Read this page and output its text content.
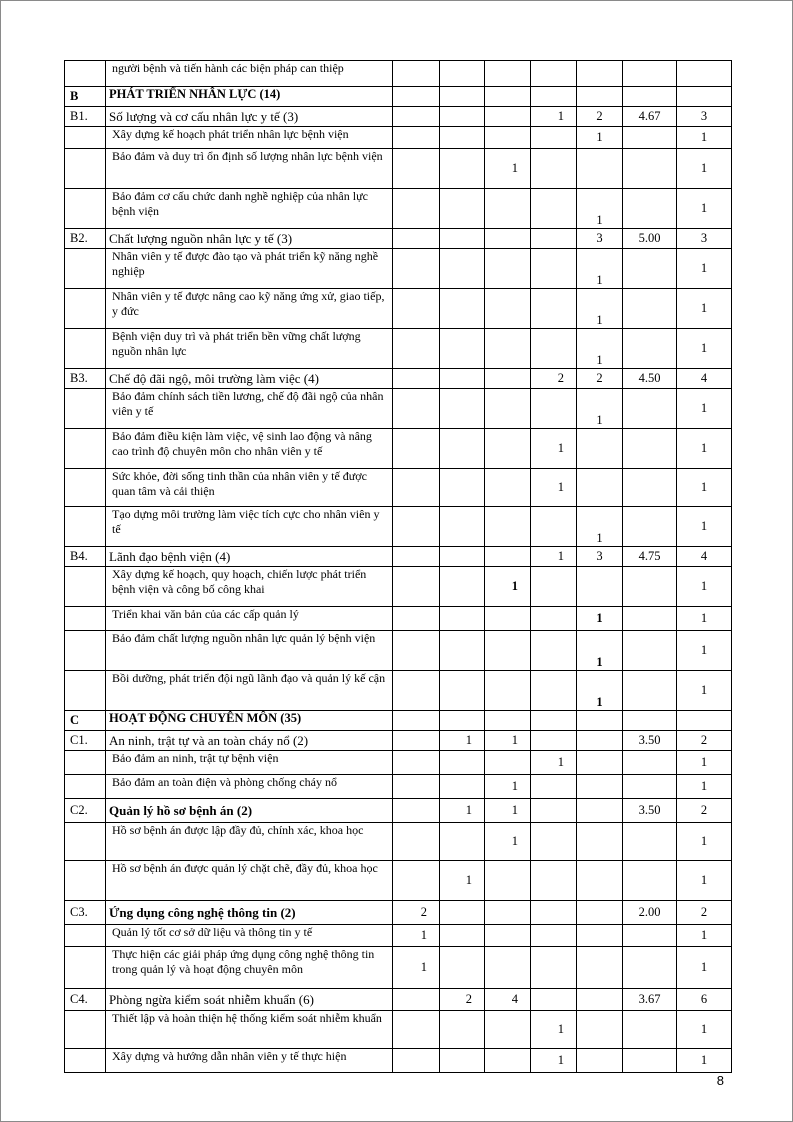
	người bệnh và tiến hành các biện pháp can thiệp							
B	PHÁT TRIỂN NHÂN LỰC (14)							
B1.	Số lượng và cơ cấu nhân lực y tế (3)				1	2	4.67	3
	Xây dựng kế hoạch phát triển nhân lực bệnh viện					1		1
	Bảo đảm và duy trì ổn định số lượng nhân lực bệnh viện			1				1
	Bảo đảm cơ cấu chức danh nghề nghiệp của nhân lực bệnh viện					1		1
B2.	Chất lượng nguồn nhân lực y tế (3)					3	5.00	3
	Nhân viên y tế được đào tạo và phát triển kỹ năng nghề nghiệp					1		1
	Nhân viên y tế được nâng cao kỹ năng ứng xử, giao tiếp, y đức					1		1
	Bệnh viện duy trì và phát triển bền vững chất lượng nguồn nhân lực					1		1
B3.	Chế độ đãi ngộ, môi trường làm việc (4)				2	2	4.50	4
	Bảo đảm chính sách tiền lương, chế độ đãi ngộ của nhân viên y tế					1		1
	Bảo đảm điều kiện làm việc, vệ sinh lao động và nâng cao trình độ chuyên môn cho nhân viên y tế				1			1
	Sức khỏe, đời sống tinh thần của nhân viên y tế được quan tâm và cải thiện				1			1
	Tạo dựng môi trường làm việc tích cực cho nhân viên y tế					1		1
B4.	Lãnh đạo bệnh viện (4)				1	3	4.75	4
	Xây dựng kế hoạch, quy hoạch, chiến lược phát triển bệnh viện và công bố công khai			1				1
	Triển khai văn bản của các cấp quản lý					1		1
	Bảo đảm chất lượng nguồn nhân lực quản lý bệnh viện					1		1
	Bồi dưỡng, phát triển đội ngũ lãnh đạo và quản lý kế cận					1		1
C	HOẠT ĐỘNG CHUYÊN MÔN (35)							
C1.	An ninh, trật tự và an toàn cháy nổ (2)		1	1			3.50	2
	Bảo đảm an ninh, trật tự bệnh viện				1			1
	Bảo đảm an toàn điện và phòng chống cháy nổ			1				1
C2.	Quản lý hồ sơ bệnh án (2)		1	1			3.50	2
	Hồ sơ bệnh án được lập đầy đủ, chính xác, khoa học			1				1
	Hồ sơ bệnh án được quản lý chặt chẽ, đầy đủ, khoa học		1					1
C3.	Ứng dụng công nghệ thông tin (2)	2					2.00	2
	Quản lý tốt cơ sở dữ liệu và thông tin y tế	1						1
	Thực hiện các giải pháp ứng dụng công nghệ thông tin trong quản lý và hoạt động chuyên môn	1						1
C4.	Phòng ngừa kiểm soát nhiễm khuẩn (6)		2	4			3.67	6
	Thiết lập và hoàn thiện hệ thống kiểm soát nhiễm khuẩn				1			1
	Xây dựng và hướng dẫn nhân viên y tế thực hiện				1			1
8
